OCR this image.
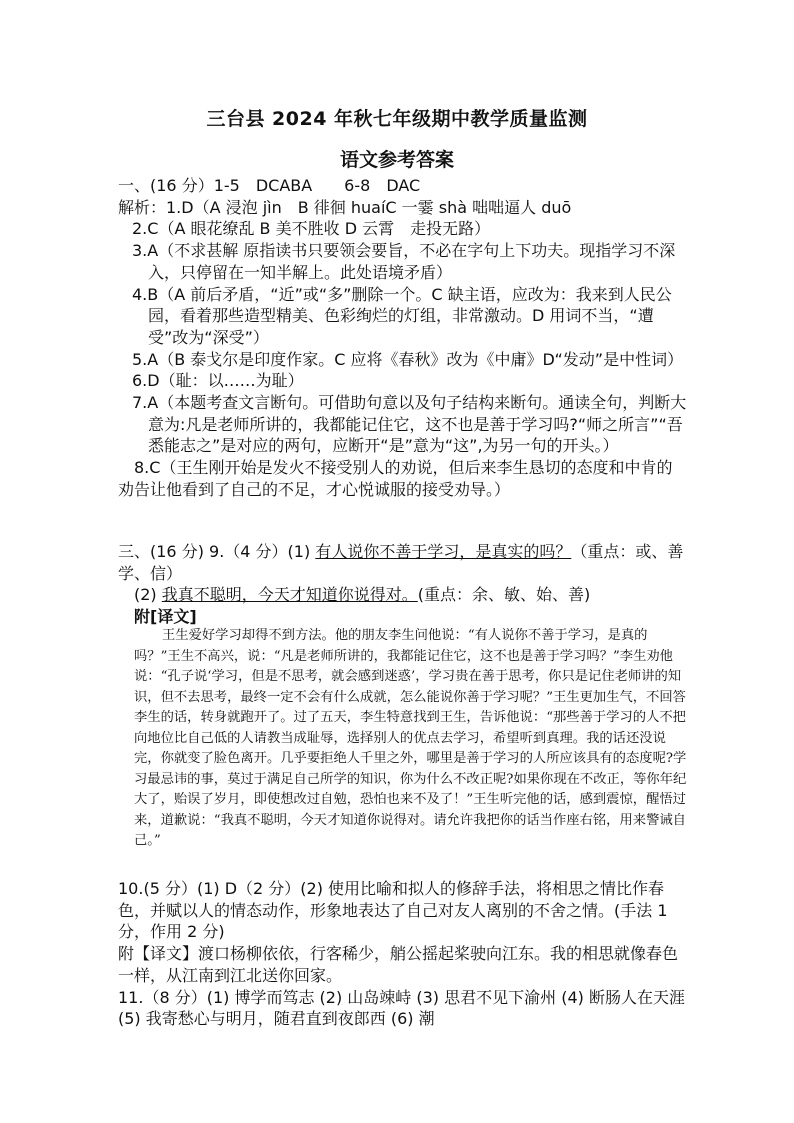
三台县 2024 年秋七年级期中教学质量监测
语文参考答案

一、(16 分）1-5　DCABA　　6-8　DAC

解析：1.D（A 浸泡 jìn　B 徘徊 huaíC 一霎 shà 咄咄逼人 duō

2.C（A 眼花缭乱 B 美不胜收 D 云霄　走投无路）

3.A（不求甚解 原指读书只要领会要旨，不必在字句上下功夫。现指学习不深入，只停留在一知半解上。此处语境矛盾）

4.B（A 前后矛盾，“近”或“多”删除一个。C 缺主语，应改为：我来到人民公园，看着那些造型精美、色彩绚烂的灯组，非常激动。D 用词不当，“遭受”改为“深受”）

5.A（B 泰戈尔是印度作家。C 应将《春秋》改为《中庸》D“发动”是中性词）

6.D（耻：以……为耻）

7.A（本题考查文言断句。可借助句意以及句子结构来断句。通读全句，判断大意为:凡是老师所讲的，我都能记住它，这不也是善于学习吗?“师之所言”“吾悉能志之”是对应的两句，应断开“是”意为“这”,为另一句的开头。）

8.C（王生刚开始是发火不接受别人的劝说，但后来李生恳切的态度和中肯的劝告让他看到了自己的不足，才心悦诚服的接受劝导。）

三、(16 分) 9.（4 分）(1) 有人说你不善于学习，是真实的吗？（重点：或、善学、信）

(2) 我真不聪明，今天才知道你说得对。(重点：余、敏、始、善)

附[译文]

王生爱好学习却得不到方法。他的朋友李生问他说：“有人说你不善于学习，是真的吗？”王生不高兴，说：“凡是老师所讲的，我都能记住它，这不也是善于学习吗？”李生劝他说：“孔子说‘学习，但是不思考，就会感到迷惑’，学习贵在善于思考，你只是记住老师讲的知识，但不去思考，最终一定不会有什么成就，怎么能说你善于学习呢？”王生更加生气，不回答李生的话，转身就跑开了。过了五天，李生特意找到王生，告诉他说：“那些善于学习的人不把向地位比自己低的人请教当成耻辱，选择别人的优点去学习，希望听到真理。我的话还没说完，你就变了脸色离开。几乎要拒绝人千里之外，哪里是善于学习的人所应该具有的态度呢?学习最忌讳的事，莫过于满足自己所学的知识，你为什么不改正呢?如果你现在不改正，等你年纪大了，贻误了岁月，即使想改过自勉，恐怕也来不及了！”王生听完他的话，感到震惊，醒悟过来，道歉说：“我真不聪明，今天才知道你说得对。请允许我把你的话当作座右铭，用来警诫自己。”

10.(5 分）(1) D（2 分）(2) 使用比喻和拟人的修辞手法，将相思之情比作春色，并赋以人的情态动作，形象地表达了自己对友人离别的不舍之情。(手法 1 分，作用 2 分)

附【译文】渡口杨柳依依，行客稀少，艄公摇起桨驶向江东。我的相思就像春色一样，从江南到江北送你回家。

11.（8 分）(1) 博学而笃志 (2) 山岛竦峙 (3) 思君不见下渝州 (4) 断肠人在天涯 (5) 我寄愁心与明月，随君直到夜郎西 (6) 潮
